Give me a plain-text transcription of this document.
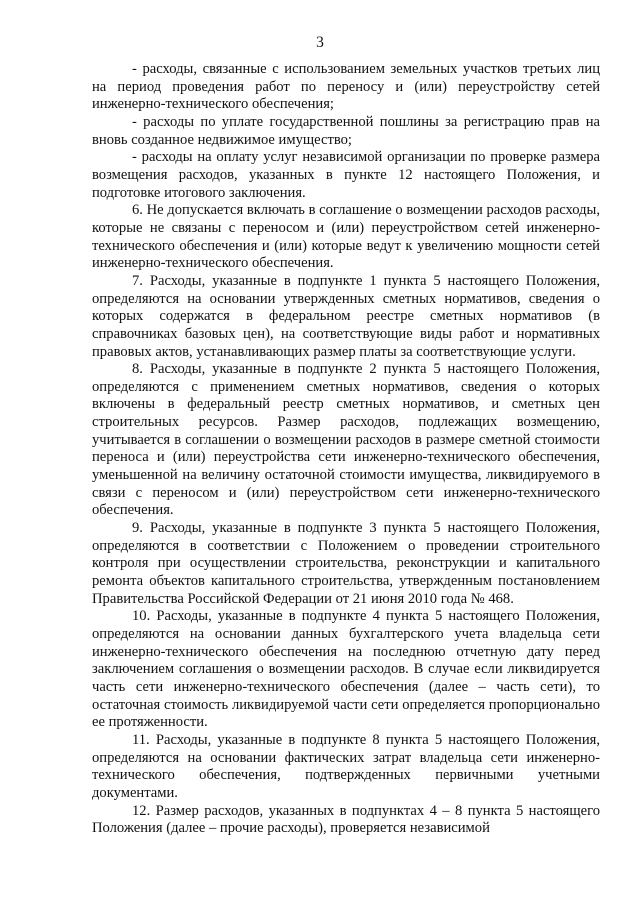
3

- расходы, связанные с использованием земельных участков третьих лиц на период проведения работ по переносу и (или) переустройству сетей инженерно-технического обеспечения;

- расходы по уплате государственной пошлины за регистрацию прав на вновь созданное недвижимое имущество;

- расходы на оплату услуг независимой организации по проверке размера возмещения расходов, указанных в пункте 12 настоящего Положения, и подготовке итогового заключения.

6. Не допускается включать в соглашение о возмещении расходов расходы, которые не связаны с переносом и (или) переустройством сетей инженерно-технического обеспечения и (или) которые ведут к увеличению мощности сетей инженерно-технического обеспечения.

7. Расходы, указанные в подпункте 1 пункта 5 настоящего Положения, определяются на основании утвержденных сметных нормативов, сведения о которых содержатся в федеральном реестре сметных нормативов (в справочниках базовых цен), на соответствующие виды работ и нормативных правовых актов, устанавливающих размер платы за соответствующие услуги.

8. Расходы, указанные в подпункте 2 пункта 5 настоящего Положения, определяются с применением сметных нормативов, сведения о которых включены в федеральный реестр сметных нормативов, и сметных цен строительных ресурсов. Размер расходов, подлежащих возмещению, учитывается в соглашении о возмещении расходов в размере сметной стоимости переноса и (или) переустройства сети инженерно-технического обеспечения, уменьшенной на величину остаточной стоимости имущества, ликвидируемого в связи с переносом и (или) переустройством сети инженерно-технического обеспечения.

9. Расходы, указанные в подпункте 3 пункта 5 настоящего Положения, определяются в соответствии с Положением о проведении строительного контроля при осуществлении строительства, реконструкции и капитального ремонта объектов капитального строительства, утвержденным постановлением Правительства Российской Федерации от 21 июня 2010 года № 468.

10. Расходы, указанные в подпункте 4 пункта 5 настоящего Положения, определяются на основании данных бухгалтерского учета владельца сети инженерно-технического обеспечения на последнюю отчетную дату перед заключением соглашения о возмещении расходов. В случае если ликвидируется часть сети инженерно-технического обеспечения (далее – часть сети), то остаточная стоимость ликвидируемой части сети определяется пропорционально ее протяженности.

11. Расходы, указанные в подпункте 8 пункта 5 настоящего Положения, определяются на основании фактических затрат владельца сети инженерно-технического обеспечения, подтвержденных первичными учетными документами.

12. Размер расходов, указанных в подпунктах 4 – 8 пункта 5 настоящего Положения (далее – прочие расходы), проверяется независимой
